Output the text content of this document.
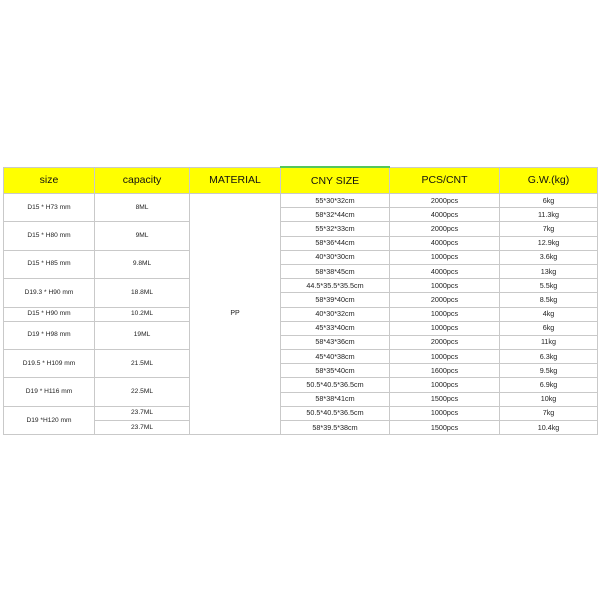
size	capacity	MATERIAL	CNY SIZE	PCS/CNT	G.W.(kg)
D15 * H73 mm	8ML	PP	55*30*32cm	2000pcs	6kg
			58*32*44cm	4000pcs	11.3kg
D15 * H80 mm	9ML		55*32*33cm	2000pcs	7kg
			58*36*44cm	4000pcs	12.9kg
D15 * H85 mm	9.8ML		40*30*30cm	1000pcs	3.6kg
			58*38*45cm	4000pcs	13kg
D19.3 * H90 mm	18.8ML		44.5*35.5*35.5cm	1000pcs	5.5kg
			58*39*40cm	2000pcs	8.5kg
D15 * H90 mm	10.2ML		40*30*32cm	1000pcs	4kg
D19 * H98 mm	19ML		45*33*40cm	1000pcs	6kg
			58*43*36cm	2000pcs	11kg
D19.5 * H109 mm	21.5ML		45*40*38cm	1000pcs	6.3kg
			58*35*40cm	1600pcs	9.5kg
D19 * H116 mm	22.5ML		50.5*40.5*36.5cm	1000pcs	6.9kg
			58*38*41cm	1500pcs	10kg
D19 *H120 mm	23.7ML		50.5*40.5*36.5cm	1000pcs	7kg
	23.7ML		58*39.5*38cm	1500pcs	10.4kg
